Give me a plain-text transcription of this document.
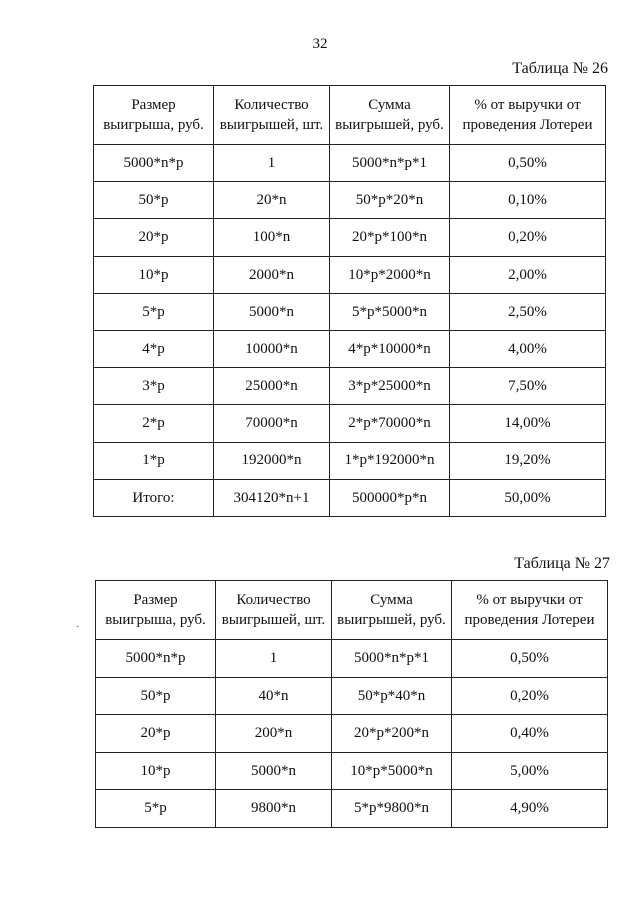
32
Таблица № 26
Размер выигрыша, руб.	Количество выигрышей, шт.	Сумма выигрышей, руб.	% от выручки от проведения Лотереи
5000*n*p	1	5000*n*p*1	0,50%
50*p	20*n	50*p*20*n	0,10%
20*p	100*n	20*p*100*n	0,20%
10*p	2000*n	10*p*2000*n	2,00%
5*p	5000*n	5*p*5000*n	2,50%
4*p	10000*n	4*p*10000*n	4,00%
3*p	25000*n	3*p*25000*n	7,50%
2*p	70000*n	2*p*70000*n	14,00%
1*p	192000*n	1*p*192000*n	19,20%
Итого:	304120*n+1	500000*p*n	50,00%
ˇ
Таблица № 27
Размер выигрыша, руб.	Количество выигрышей, шт.	Сумма выигрышей, руб.	% от выручки от проведения Лотереи
5000*n*p	1	5000*n*p*1	0,50%
50*p	40*n	50*p*40*n	0,20%
20*p	200*n	20*p*200*n	0,40%
10*p	5000*n	10*p*5000*n	5,00%
5*p	9800*n	5*p*9800*n	4,90%
